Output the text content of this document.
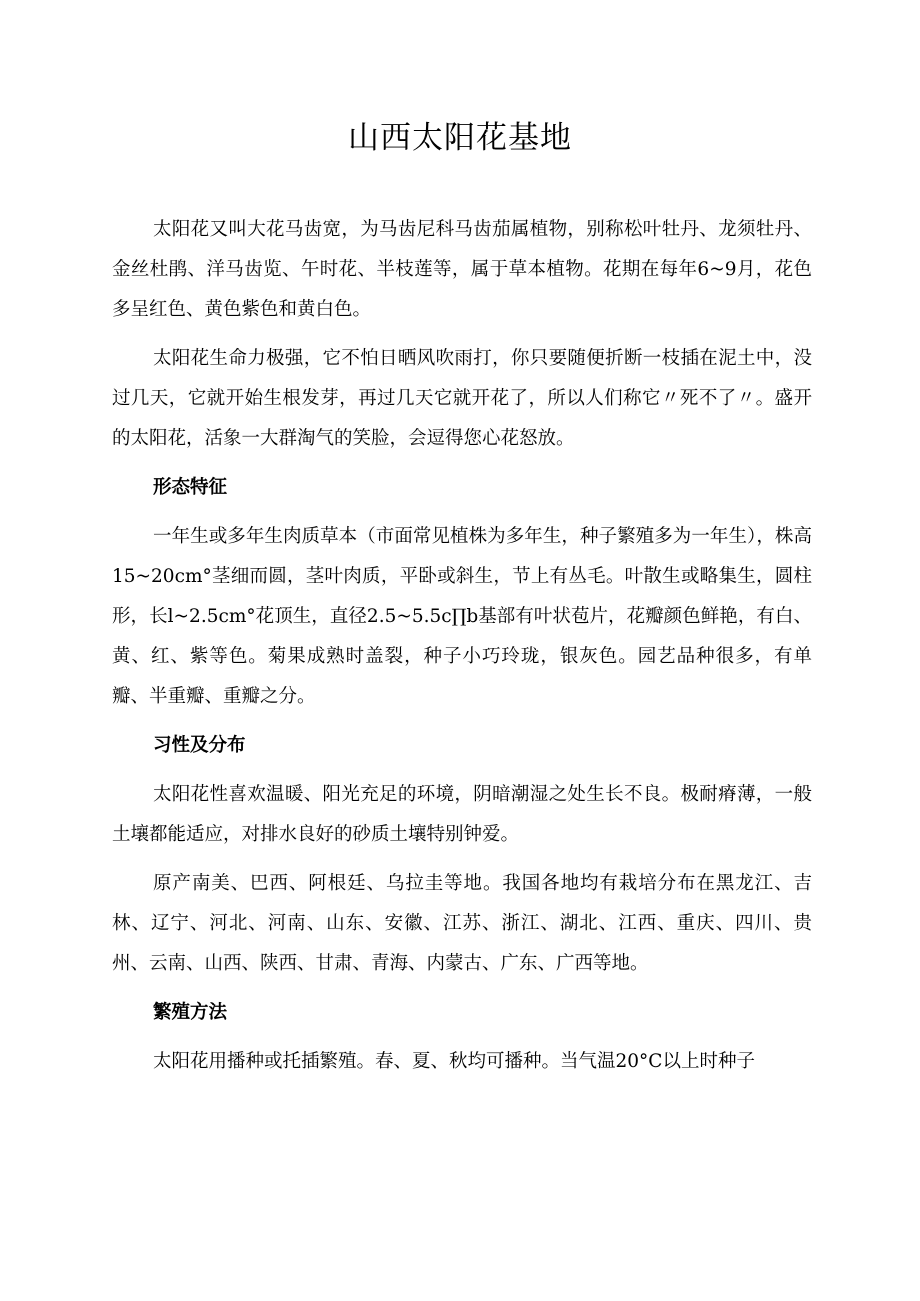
山西太阳花基地

太阳花又叫大花马齿宽，为马齿尼科马齿茄属植物，别称松叶牡丹、龙须牡丹、金丝杜鹃、洋马齿览、午时花、半枝莲等，属于草本植物。花期在每年6~9月，花色多呈红色、黄色紫色和黄白色。

太阳花生命力极强，它不怕日晒风吹雨打，你只要随便折断一枝插在泥土中，没过几天，它就开始生根发芽，再过几天它就开花了，所以人们称它〃死不了〃。盛开的太阳花，活象一大群淘气的笑脸，会逗得您心花怒放。

形态特征

一年生或多年生肉质草本（市面常见植株为多年生，种子繁殖多为一年生），株高15~20cm°茎细而圆，茎叶肉质，平卧或斜生，节上有丛毛。叶散生或略集生，圆柱形，长l~2.5cm°花顶生，直径2.5~5.5c∏b基部有叶状苞片，花瓣颜色鲜艳，有白、黄、红、紫等色。菊果成熟时盖裂，种子小巧玲珑，银灰色。园艺品种很多，有单瓣、半重瓣、重瓣之分。

习性及分布

太阳花性喜欢温暖、阳光充足的环境，阴暗潮湿之处生长不良。极耐瘠薄，一般土壤都能适应，对排水良好的砂质土壤特别钟爱。

原产南美、巴西、阿根廷、乌拉圭等地。我国各地均有栽培分布在黑龙江、吉林、辽宁、河北、河南、山东、安徽、江苏、浙江、湖北、江西、重庆、四川、贵州、云南、山西、陕西、甘肃、青海、内蒙古、广东、广西等地。

繁殖方法

太阳花用播种或托插繁殖。春、夏、秋均可播种。当气温20°C以上时种子
